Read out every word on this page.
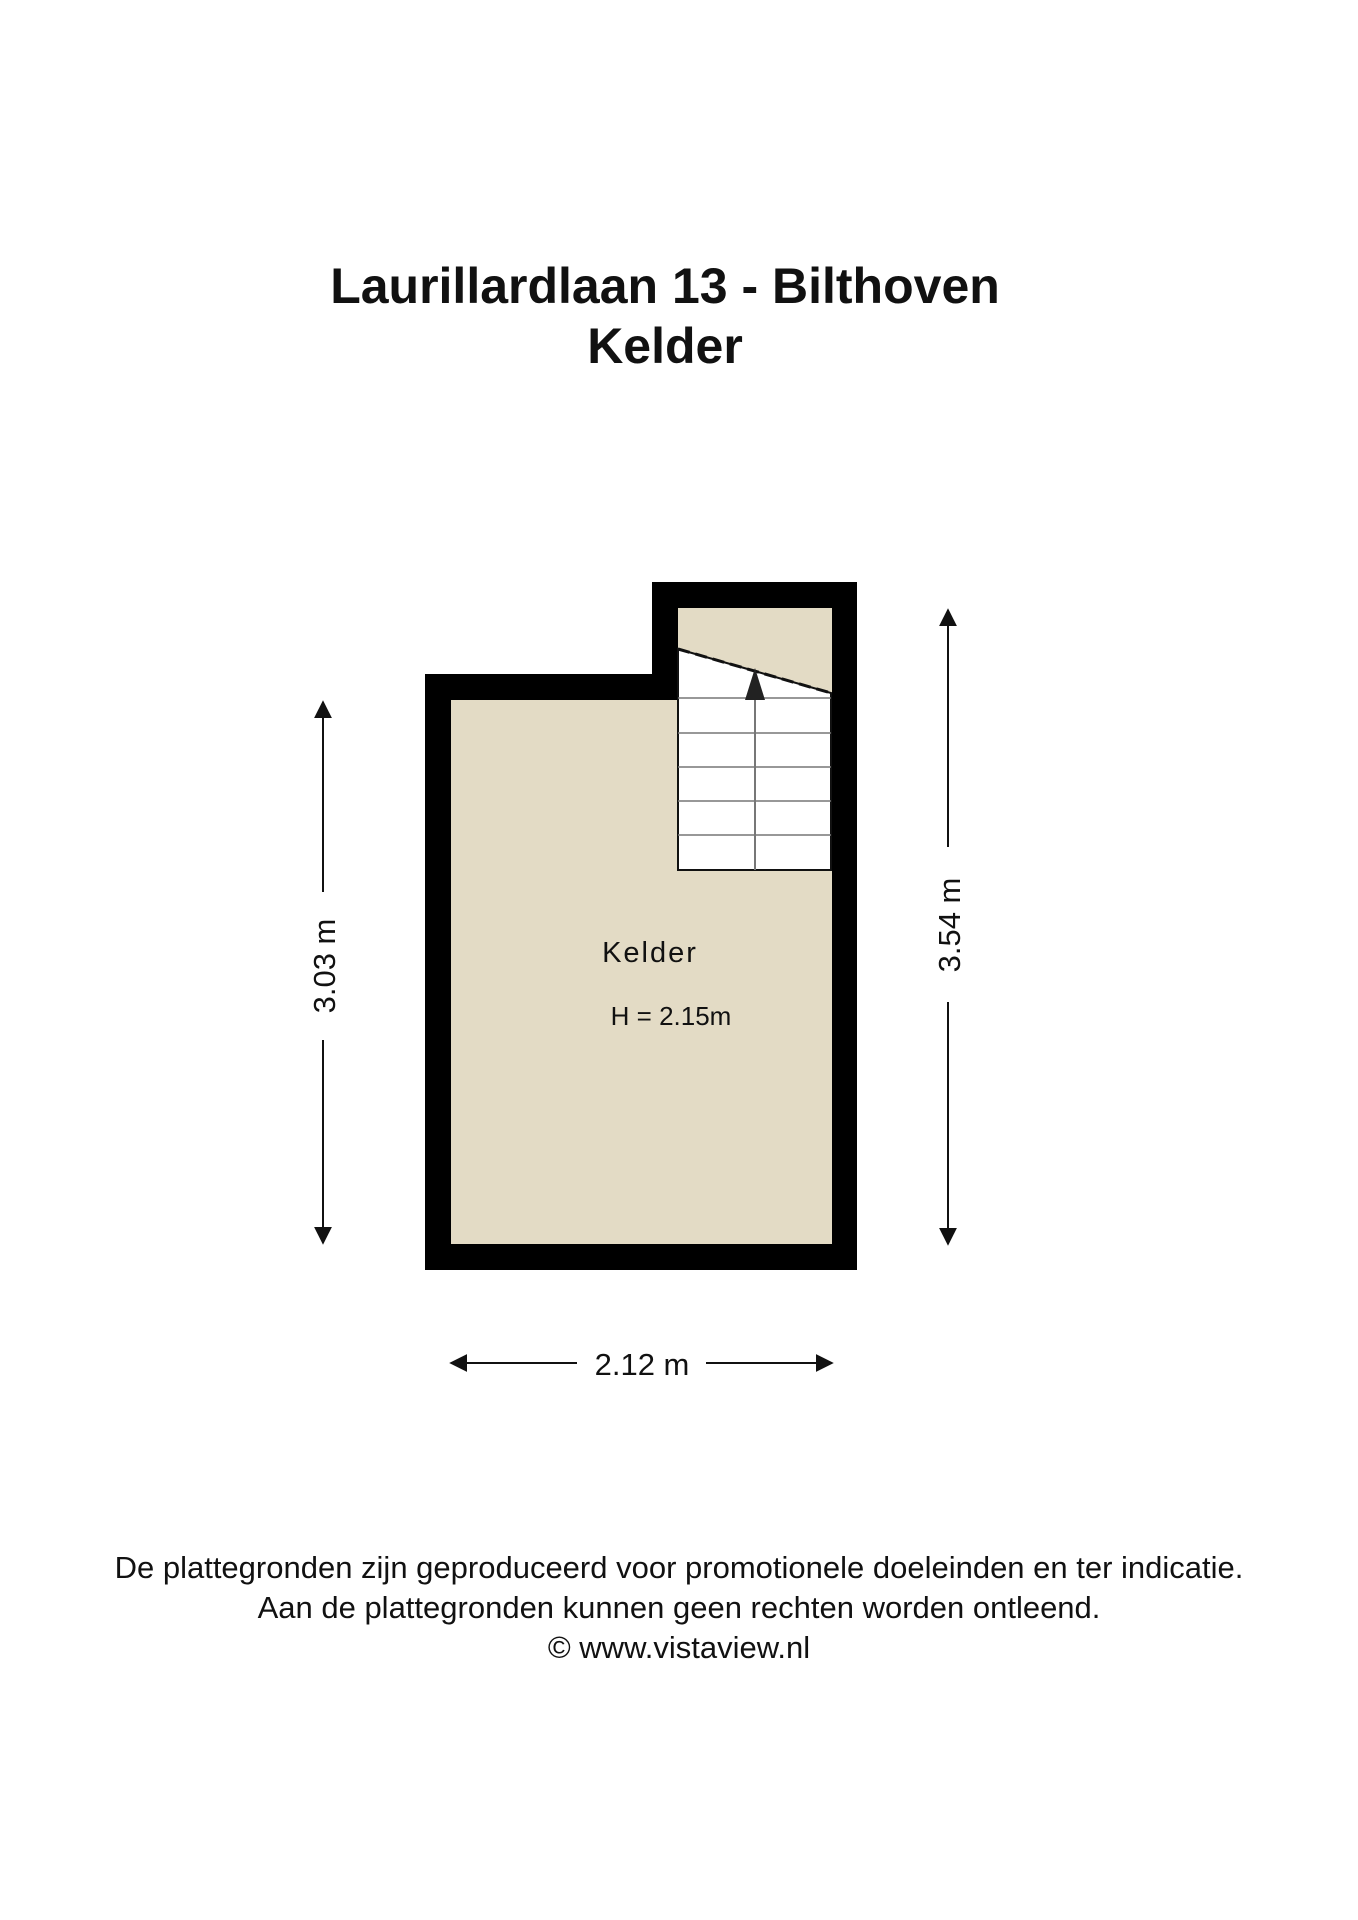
Laurillardlaan 13 - Bilthoven
Kelder
Kelder
H = 2.15m
3.03 m	3.54 m
2.12 m
De plattegronden zijn geproduceerd voor promotionele doeleinden en ter indicatie.
Aan de plattegronden kunnen geen rechten worden ontleend.
© www.vistaview.nl
